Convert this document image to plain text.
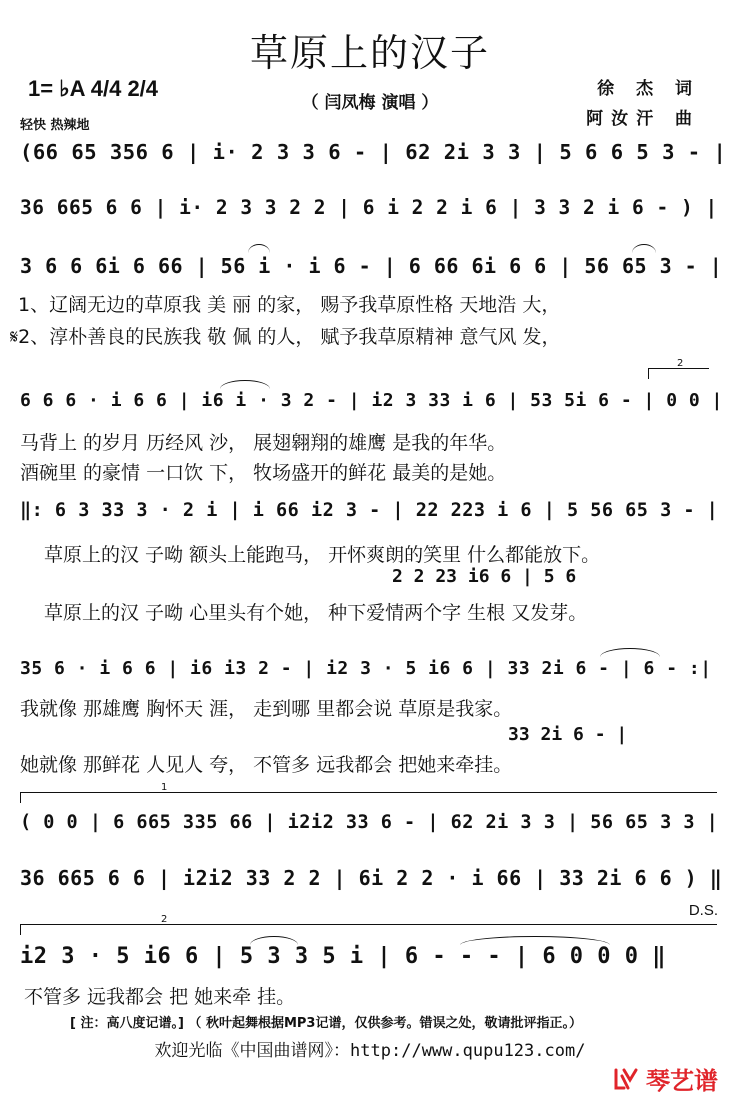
草原上的汉子
（ 闫凤梅 演唱 ）
1= ♭A 4/4 2/4
轻快 热辣地
徐 杰 词
阿汝汗 曲
(66 65 356 6 | i· 2 3 3 6 - | 62 2i 3 3 | 5 6 6 5 3 - |
36 665 6 6 | i· 2 3 3 2 2 | 6 i 2 2 i 6 | 3 3 2 i 6 - ) |
3 6 6 6i 6 66 | 56 i · i 6 - | 6 66 6i 6 6 | 56 65 3 - |
6 6 6 · i 6 6 | i6 i · 3 2 - | i2 3 33 i 6 | 53 5i 6 - | 0 0 |
‖: 6 3 33 3 · 2 i | i 66 i2 3 - | 22 223 i 6 | 5 56 65 3 - |
35 6 · i 6 6 | i6 i3 2 - | i2 3 · 5 i6 6 | 33 2i 6 - | 6 - :|
( 0 0 | 6 665 335 66 | i2i2 33 6 - | 62 2i 3 3 | 56 65 3 3 |
36 665 6 6 | i2i2 33 2 2 | 6i 2 2 · i 66 | 33 2i 6 6 ) ‖
i2 3 · 5 i6 6 | 5 3 3 5 i | 6 - - - | 6 0 0 0 ‖
2 2 23 i6 6 | 5 6
33 2i 6 - |
1、辽阔无边的草原我 美 丽 的家， 赐予我草原性格 天地浩 大，
𝄋2、淳朴善良的民族我 敬 佩 的人， 赋予我草原精神 意气风 发，
马背上 的岁月 历经风 沙， 展翅翱翔的雄鹰 是我的年华。
酒碗里 的豪情 一口饮 下， 牧场盛开的鲜花 最美的是她。
草原上的汉 子呦 额头上能跑马， 开怀爽朗的笑里 什么都能放下。
草原上的汉 子呦 心里头有个她， 种下爱情两个字 生根 又发芽。
我就像 那雄鹰 胸怀天 涯， 走到哪 里都会说 草原是我家。
她就像 那鲜花 人见人 夸， 不管多 远我都会 把她来牵挂。
不管多 远我都会 把 她来牵 挂。
2
1
2
D.S.
[ 注：高八度记谱。] （ 秋叶起舞根据MP3记谱，仅供参考。错误之处，敬请批评指正。）
欢迎光临《中国曲谱网》：http://www.qupu123.com/
琴艺谱
